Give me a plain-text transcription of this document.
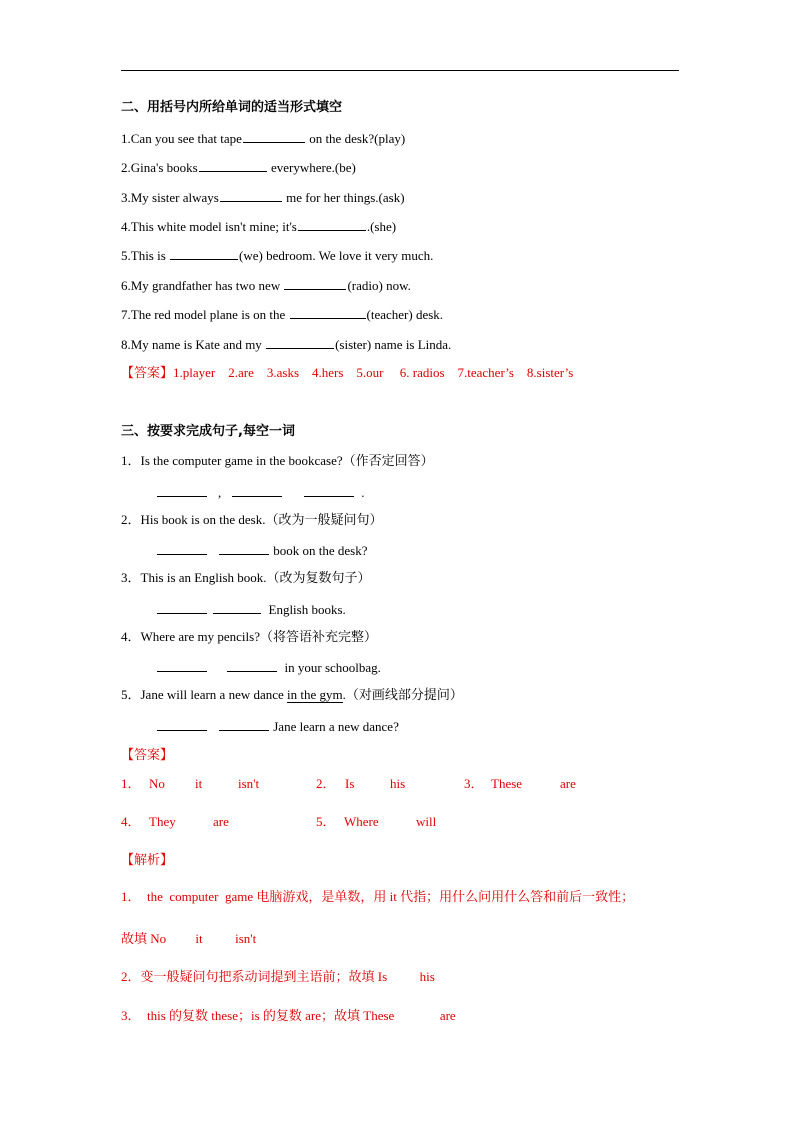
二、用括号内所给单词的适当形式填空
1.Can you see that tape	on the desk?(play)
2.Gina's books	everywhere.(be)
3.My sister always	me for her things.(ask)
4.This white model isn't mine; it's	.(she)
5.This is	(we) bedroom. We love it very much.
6.My grandfather has two new	(radio) now.
7.The red model plane is on the	(teacher) desk.
8.My name is Kate and my	(sister) name is Linda.
【答案】1.player    2.are    3.asks    4.hers    5.our     6. radios    7.teacher’s    8.sister’s
三、按要求完成句子,每空一词
1．Is the computer game in the bookcase?（作否定回答）
,	.
2．His book is on the desk.（改为一般疑问句）
book on the desk?
3．This is an English book.（改为复数句子）
English books.
4．Where are my pencils?（将答语补充完整）
in your schoolbag.
5．Jane will learn a new dance in the gym.（对画线部分提问）
Jane learn a new dance?
【答案】
1． No it	isn't	2． Is	his	3． These	are
4． They	are	5． Where	will
【解析】
1．  the  computer  game 电脑游戏，是单数，用 it 代指；用什么问用什么答和前后一致性；
故填 No         it          isn't
2．变一般疑问句把系动词提到主语前；故填 Is          his
3．  this 的复数 these；is 的复数 are；故填 These              are
